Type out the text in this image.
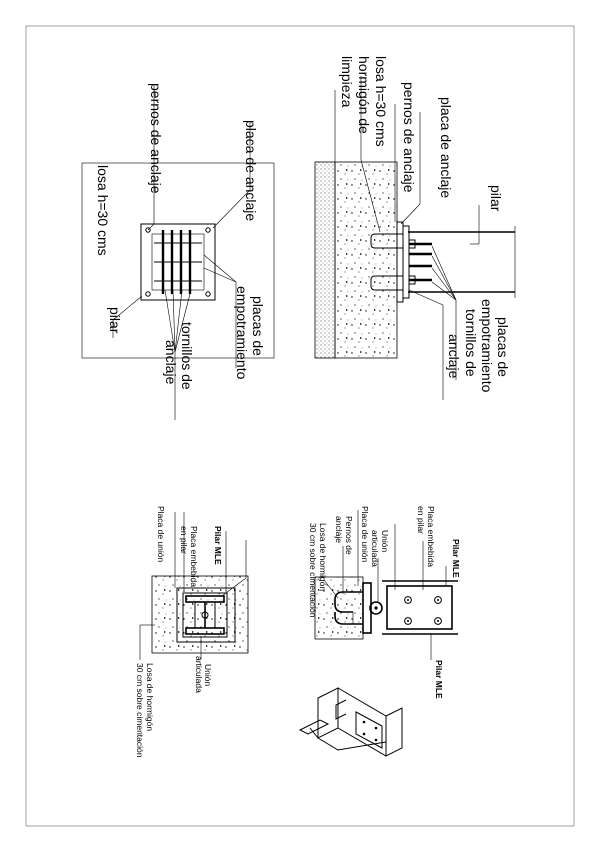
pernos de anclaje	placa de anclaje
losa h=30 cms
placas de
empotramiento
tornillos de
anclaje
pilar
losa h=30 cms
hormigón de
limpieza
pernos de anclaje placa de anclaje
pilar
placas de
empotramiento
tornillos de
anclaje
Pilar MLE
Placa embebida
en pilar
Placa de unión
Unión
articulada
Losa de hormigón
30 cm sobre cimentación
Pilar MLE
Placa embebida
en pilar
Unión
articulada
Placa de unión
Pernos de
anclaje
Losa de hormigón
30 cm sobre cimentación
Pilar MLE
